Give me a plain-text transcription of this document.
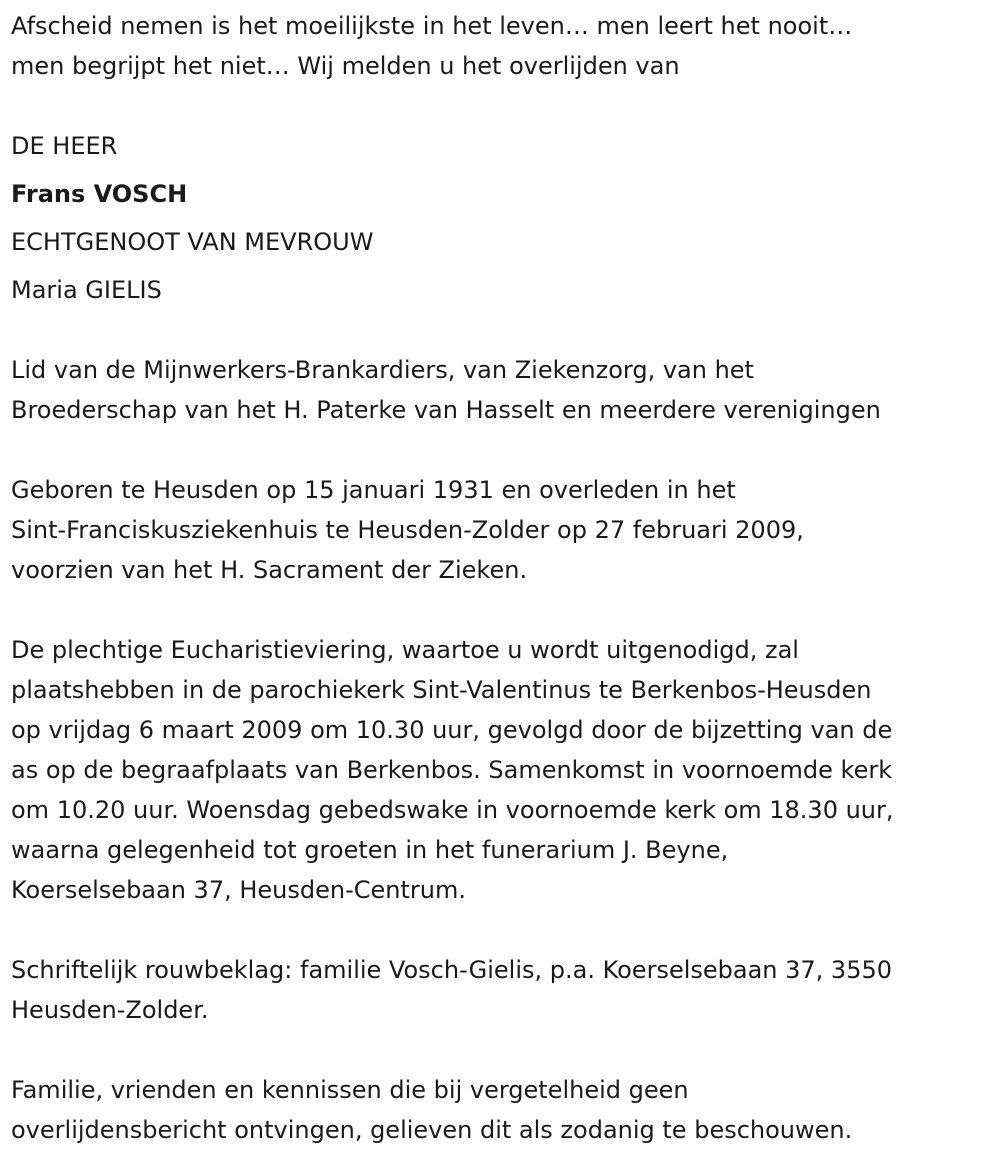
Afscheid nemen is het moeilijkste in het leven… men leert het nooit…
men begrijpt het niet… Wij melden u het overlijden van
DE HEER
Frans VOSCH
ECHTGENOOT VAN MEVROUW
Maria GIELIS
Lid van de Mijnwerkers-Brankardiers, van Ziekenzorg, van het
Broederschap van het H. Paterke van Hasselt en meerdere verenigingen
Geboren te Heusden op 15 januari 1931 en overleden in het
Sint-Franciskusziekenhuis te Heusden-Zolder op 27 februari 2009,
voorzien van het H. Sacrament der Zieken.
De plechtige Eucharistieviering, waartoe u wordt uitgenodigd, zal
plaatshebben in de parochiekerk Sint-Valentinus te Berkenbos-Heusden
op vrijdag 6 maart 2009 om 10.30 uur, gevolgd door de bijzetting van de
as op de begraafplaats van Berkenbos. Samenkomst in voornoemde kerk
om 10.20 uur. Woensdag gebedswake in voornoemde kerk om 18.30 uur,
waarna gelegenheid tot groeten in het funerarium J. Beyne,
Koerselsebaan 37, Heusden-Centrum.
Schriftelijk rouwbeklag: familie Vosch-Gielis, p.a. Koerselsebaan 37, 3550
Heusden-Zolder.
Familie, vrienden en kennissen die bij vergetelheid geen
overlijdensbericht ontvingen, gelieven dit als zodanig te beschouwen.
